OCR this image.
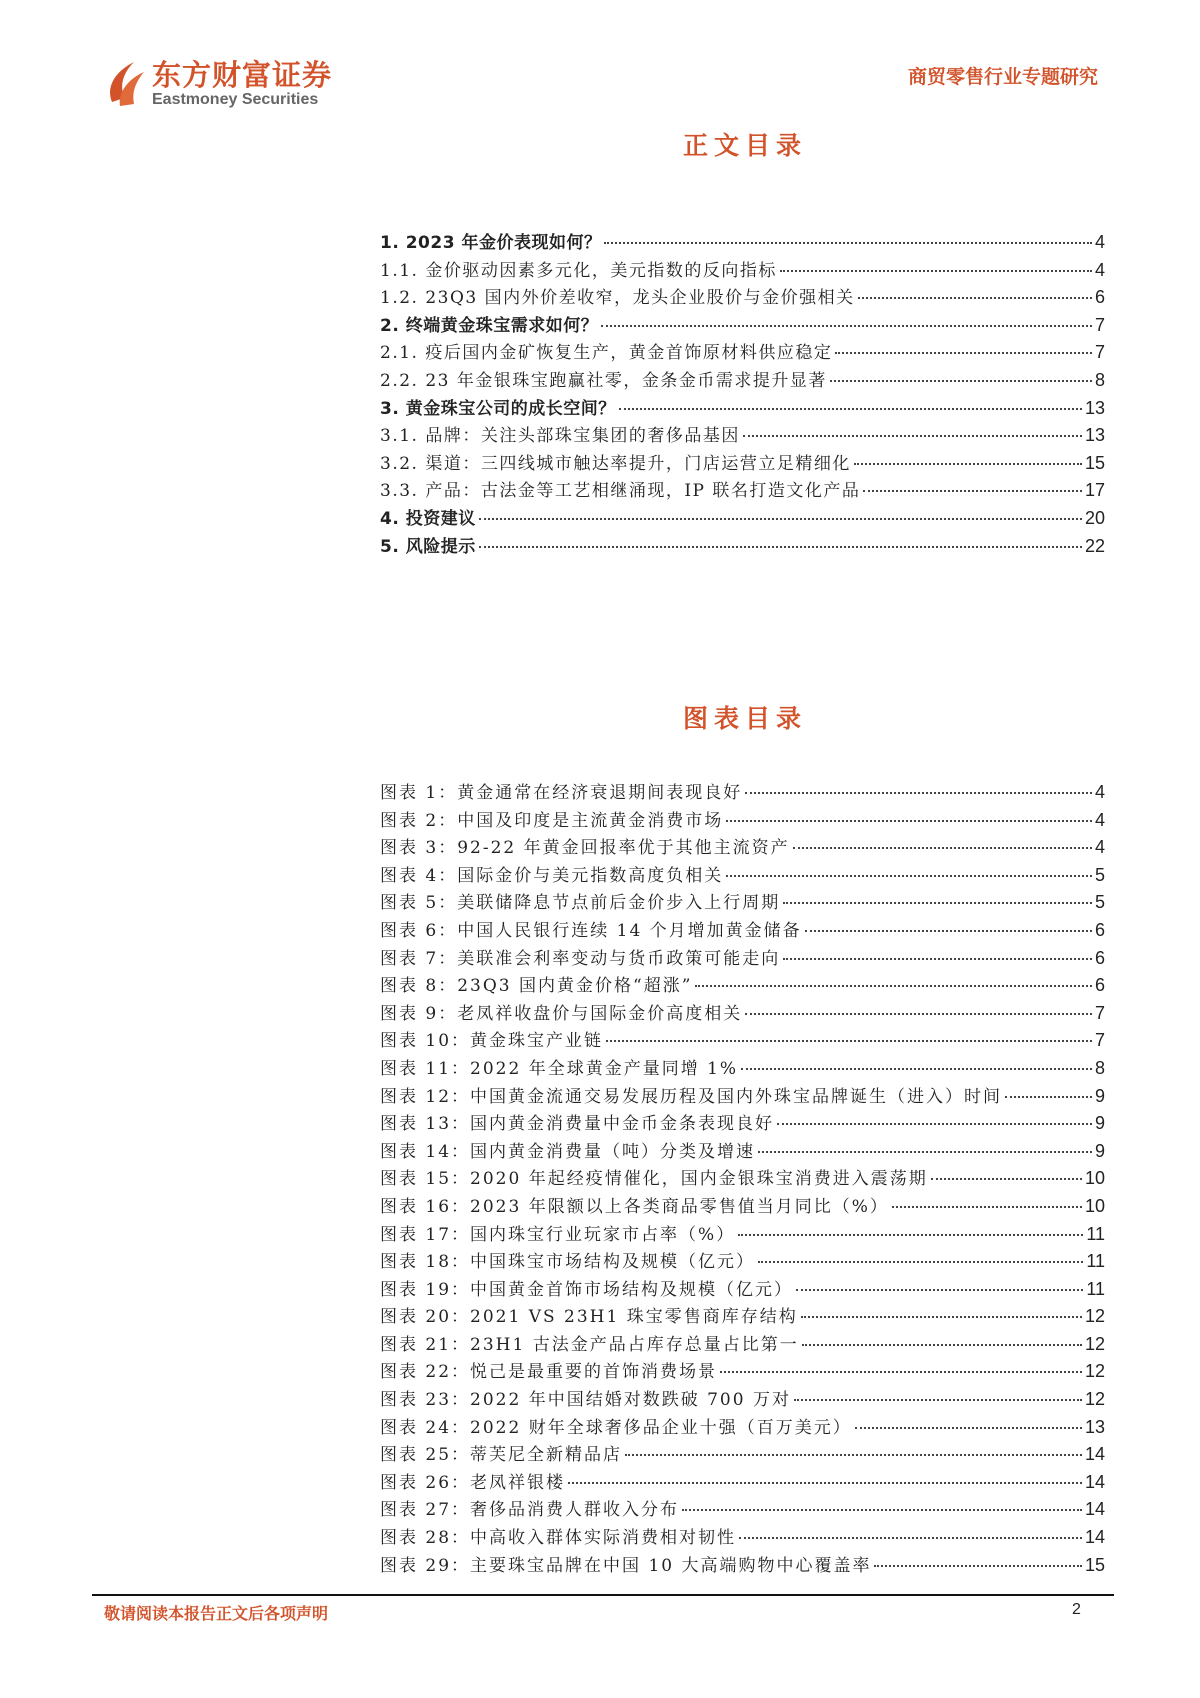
东方财富证券
Eastmoney Securities
商贸零售行业专题研究
正文目录
1. 2023 年金价表现如何？	4
1.1. 金价驱动因素多元化，美元指数的反向指标	4
1.2. 23Q3 国内外价差收窄，龙头企业股价与金价强相关	6
2. 终端黄金珠宝需求如何？	7
2.1. 疫后国内金矿恢复生产，黄金首饰原材料供应稳定	7
2.2. 23 年金银珠宝跑赢社零，金条金币需求提升显著	8
3. 黄金珠宝公司的成长空间？	13
3.1. 品牌：关注头部珠宝集团的奢侈品基因	13
3.2. 渠道：三四线城市触达率提升，门店运营立足精细化	15
3.3. 产品：古法金等工艺相继涌现，IP 联名打造文化产品	17
4. 投资建议	20
5. 风险提示	22
图表目录
图表 1：黄金通常在经济衰退期间表现良好	4
图表 2：中国及印度是主流黄金消费市场	4
图表 3：92-22 年黄金回报率优于其他主流资产	4
图表 4：国际金价与美元指数高度负相关	5
图表 5：美联储降息节点前后金价步入上行周期	5
图表 6：中国人民银行连续 14 个月增加黄金储备	6
图表 7：美联准会利率变动与货币政策可能走向	6
图表 8：23Q3 国内黄金价格“超涨”	6
图表 9：老凤祥收盘价与国际金价高度相关	7
图表 10：黄金珠宝产业链	7
图表 11：2022 年全球黄金产量同增 1%	8
图表 12：中国黄金流通交易发展历程及国内外珠宝品牌诞生（进入）时间	9
图表 13：国内黄金消费量中金币金条表现良好	9
图表 14：国内黄金消费量（吨）分类及增速	9
图表 15：2020 年起经疫情催化，国内金银珠宝消费进入震荡期	10
图表 16：2023 年限额以上各类商品零售值当月同比（%）	10
图表 17：国内珠宝行业玩家市占率（%）	11
图表 18：中国珠宝市场结构及规模（亿元）	11
图表 19：中国黄金首饰市场结构及规模（亿元）	11
图表 20：2021 VS 23H1 珠宝零售商库存结构	12
图表 21：23H1 古法金产品占库存总量占比第一	12
图表 22：悦己是最重要的首饰消费场景	12
图表 23：2022 年中国结婚对数跌破 700 万对	12
图表 24：2022 财年全球奢侈品企业十强（百万美元）	13
图表 25：蒂芙尼全新精品店	14
图表 26：老凤祥银楼	14
图表 27：奢侈品消费人群收入分布	14
图表 28：中高收入群体实际消费相对韧性	14
图表 29：主要珠宝品牌在中国 10 大高端购物中心覆盖率	15
敬请阅读本报告正文后各项声明	2
